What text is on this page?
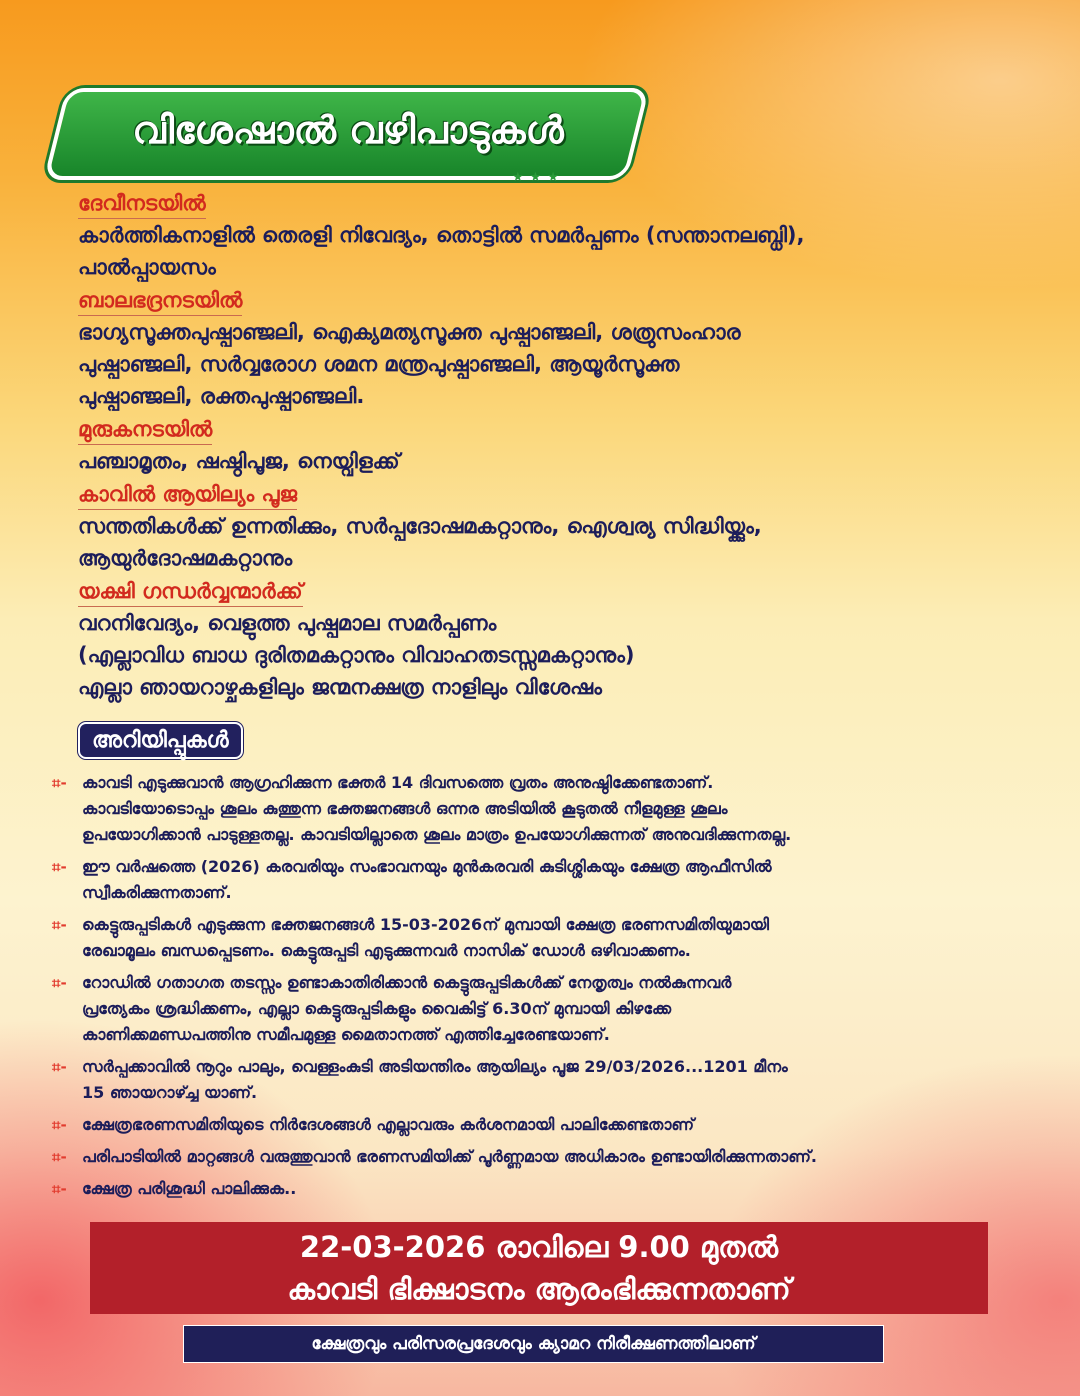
വിശേഷാൽ വഴിപാടുകൾ
★★★
ദേവീനടയിൽ
കാർത്തികനാളിൽ തെരളി നിവേദ്യം, തൊട്ടിൽ സമർപ്പണം (സന്താനലബ്ധി),
പാൽപ്പായസം
ബാലഭദ്രനടയിൽ
ഭാഗ്യസൂക്തപുഷ്പാഞ്ജലി, ഐക്യമത്യസൂക്ത പുഷ്പാഞ്ജലി, ശത്രുസംഹാര
പുഷ്പാഞ്ജലി, സർവ്വരോഗ ശമന മന്ത്രപുഷ്പാഞ്ജലി, ആയൂർസൂക്ത
പുഷ്പാഞ്ജലി, രക്തപുഷ്പാഞ്ജലി.
മുരുകനടയിൽ
പഞ്ചാമൃതം, ഷഷ്ഠിപൂജ, നെയ്വിളക്ക്
കാവിൽ ആയില്യം പൂജ
സന്തതികൾക്ക് ഉന്നതിക്കും, സർപ്പദോഷമകറ്റാനും, ഐശ്വര്യ സിദ്ധിയ്ക്കും,
ആയുർദോഷമകറ്റാനും
യക്ഷി ഗന്ധർവ്വന്മാർക്ക്
വറനിവേദ്യം, വെളുത്ത പുഷ്പമാല സമർപ്പണം
(എല്ലാവിധ ബാധ ദുരിതമകറ്റാനും വിവാഹതടസ്സമകറ്റാനും)
എല്ലാ ഞായറാഴ്ചകളിലും ജന്മനക്ഷത്ര നാളിലും വിശേഷം
അറിയിപ്പുകൾ
⌗- കാവടി എടുക്കുവാൻ ആഗ്രഹിക്കുന്ന ഭക്തർ 14 ദിവസത്തെ വ്രതം അനുഷ്ഠിക്കേണ്ടതാണ്.
കാവടിയോടൊപ്പം ശൂലം കുത്തുന്ന ഭക്തജനങ്ങൾ ഒന്നര അടിയിൽ കൂടുതൽ നീളമുള്ള ശൂലം
ഉപയോഗിക്കാൻ പാടുള്ളതല്ല. കാവടിയില്ലാതെ ശൂലം മാത്രം ഉപയോഗിക്കുന്നത് അനുവദിക്കുന്നതല്ല.
⌗- ഈ വർഷത്തെ (2026) കരവരിയും സംഭാവനയും മുൻകരവരി കുടിശ്ശികയും ക്ഷേത്ര ആഫീസിൽ
സ്വീകരിക്കുന്നതാണ്.
⌗- കെട്ടുരുപ്പടികൾ എടുക്കുന്ന ഭക്തജനങ്ങൾ 15-03-2026ന് മുമ്പായി ക്ഷേത്ര ഭരണസമിതിയുമായി
രേഖാമൂലം ബന്ധപ്പെടണം. കെട്ടുരുപ്പടി എടുക്കുന്നവർ നാസിക് ഡോൾ ഒഴിവാക്കണം.
⌗- റോഡിൽ ഗതാഗത തടസ്സം ഉണ്ടാകാതിരിക്കാൻ കെട്ടുരുപ്പടികൾക്ക് നേതൃത്വം നൽകുന്നവർ
പ്രത്യേകം ശ്രദ്ധിക്കണം, എല്ലാ കെട്ടുരുപ്പടികളും വൈകിട്ട് 6.30ന് മുമ്പായി കിഴക്കേ
കാണിക്കമണ്ഡപത്തിനു സമീപമുള്ള മൈതാനത്ത് എത്തിച്ചേരേണ്ടയാണ്.
⌗- സർപ്പക്കാവിൽ നൂറും പാലും, വെള്ളംകുടി അടിയന്തിരം ആയില്യം പൂജ 29/03/2026...1201 മീനം
15 ഞായറാഴ്ച്ച യാണ്.
⌗- ക്ഷേത്രഭരണസമിതിയുടെ നിർദേശങ്ങൾ എല്ലാവരും കർശനമായി പാലിക്കേണ്ടതാണ്
⌗- പരിപാടിയിൽ മാറ്റങ്ങൾ വരുത്തുവാൻ ഭരണസമിയിക്ക് പൂർണ്ണമായ അധികാരം ഉണ്ടായിരിക്കുന്നതാണ്.
⌗- ക്ഷേത്ര പരിശുദ്ധി പാലിക്കുക..
22-03-2026 രാവിലെ 9.00 മുതൽ
കാവടി ഭിക്ഷാടനം ആരംഭിക്കുന്നതാണ്
ക്ഷേത്രവും പരിസരപ്രദേശവും ക്യാമറ നിരീക്ഷണത്തിലാണ്
